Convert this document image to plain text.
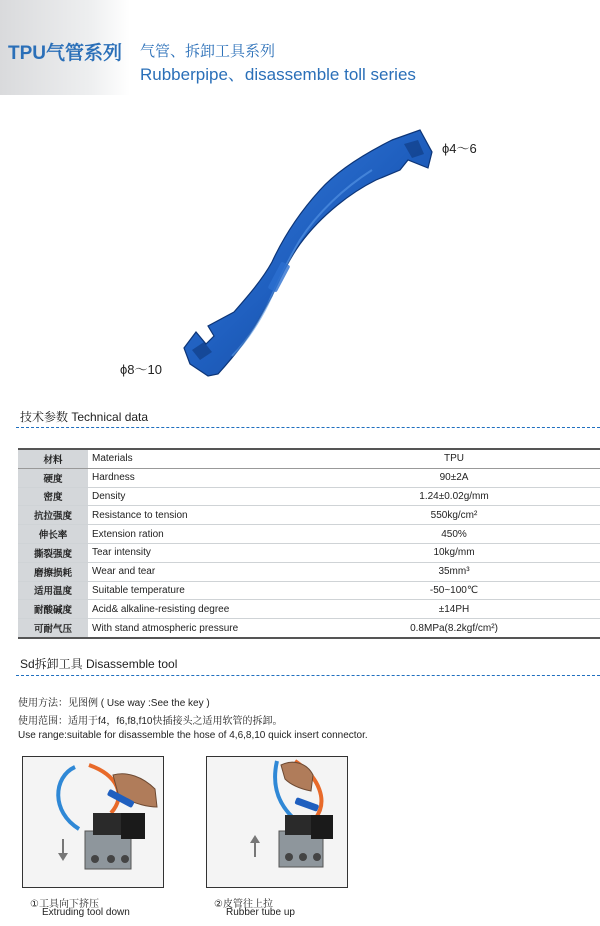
TPU气管系列 气管、拆卸工具系列
Rubberpipe、disassemble toll series
ϕ4～6
ϕ8～10
技术参数 Technical data
材料	Materials	TPU
硬度	Hardness	90±2A
密度	Density	1.24±0.02g/mm
抗拉强度	Resistance to tension	550kg/cm²
伸长率	Extension ration	450%
撕裂强度	Tear intensity	10kg/mm
磨擦损耗	Wear and tear	35mm³
适用温度	Suitable temperature	-50~100℃
耐酸碱度	Acid& alkaline-resisting degree	±14PH
可耐气压	With stand atmospheric pressure	0.8MPa(8.2kgf/cm²)
Sd拆卸工具 Disassemble tool
使用方法：见图例 ( Use way :See the key )
使用范围：适用于f4，f6,f8,f10快插接头之适用软管的拆卸。
Use range:suitable for disassemble the hose of 4,6,8,10 quick insert connector.
①工具向下挤压
Extruding tool down
②皮管往上拉
Rubber tube up
